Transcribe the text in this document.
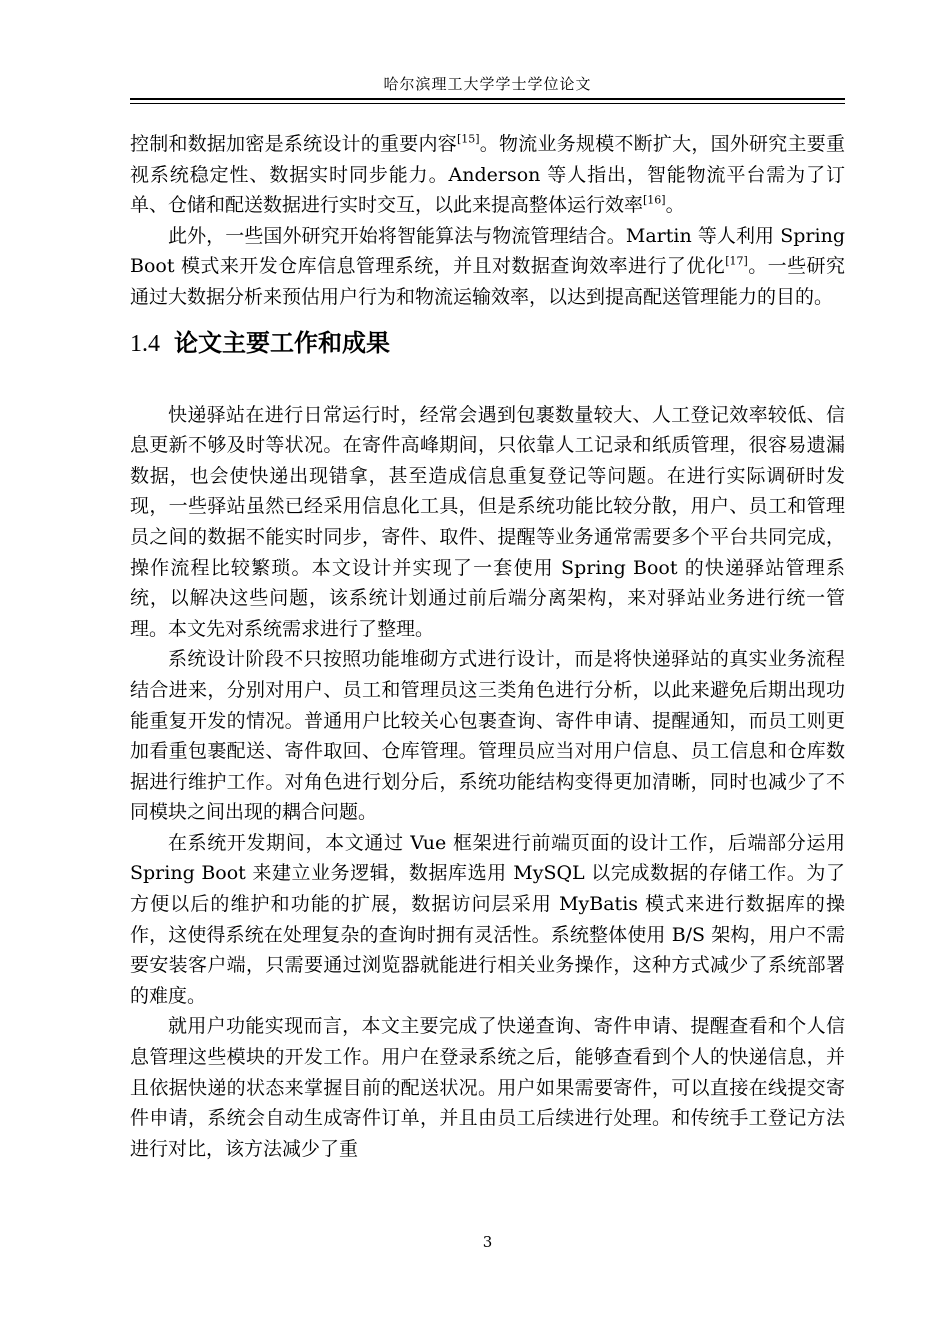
哈尔滨理工大学学士学位论文

控制和数据加密是系统设计的重要内容[15]。物流业务规模不断扩大，国外研究主要重视系统稳定性、数据实时同步能力。Anderson 等人指出，智能物流平台需为了订单、仓储和配送数据进行实时交互，以此来提高整体运行效率[16]。

此外，一些国外研究开始将智能算法与物流管理结合。Martin 等人利用 Spring Boot 模式来开发仓库信息管理系统，并且对数据查询效率进行了优化[17]。一些研究通过大数据分析来预估用户行为和物流运输效率，以达到提高配送管理能力的目的。

1.4 论文主要工作和成果

快递驿站在进行日常运行时，经常会遇到包裹数量较大、人工登记效率较低、信息更新不够及时等状况。在寄件高峰期间，只依靠人工记录和纸质管理，很容易遗漏数据，也会使快递出现错拿，甚至造成信息重复登记等问题。在进行实际调研时发现，一些驿站虽然已经采用信息化工具，但是系统功能比较分散，用户、员工和管理员之间的数据不能实时同步，寄件、取件、提醒等业务通常需要多个平台共同完成，操作流程比较繁琐。本文设计并实现了一套使用 Spring Boot 的快递驿站管理系统，以解决这些问题，该系统计划通过前后端分离架构，来对驿站业务进行统一管理。本文先对系统需求进行了整理。

系统设计阶段不只按照功能堆砌方式进行设计，而是将快递驿站的真实业务流程结合进来，分别对用户、员工和管理员这三类角色进行分析，以此来避免后期出现功能重复开发的情况。普通用户比较关心包裹查询、寄件申请、提醒通知，而员工则更加看重包裹配送、寄件取回、仓库管理。管理员应当对用户信息、员工信息和仓库数据进行维护工作。对角色进行划分后，系统功能结构变得更加清晰，同时也减少了不同模块之间出现的耦合问题。

在系统开发期间，本文通过 Vue 框架进行前端页面的设计工作，后端部分运用 Spring Boot 来建立业务逻辑，数据库选用 MySQL 以完成数据的存储工作。为了方便以后的维护和功能的扩展，数据访问层采用 MyBatis 模式来进行数据库的操作，这使得系统在处理复杂的查询时拥有灵活性。系统整体使用 B/S 架构，用户不需要安装客户端，只需要通过浏览器就能进行相关业务操作，这种方式减少了系统部署的难度。

就用户功能实现而言，本文主要完成了快递查询、寄件申请、提醒查看和个人信息管理这些模块的开发工作。用户在登录系统之后，能够查看到个人的快递信息，并且依据快递的状态来掌握目前的配送状况。用户如果需要寄件，可以直接在线提交寄件申请，系统会自动生成寄件订单，并且由员工后续进行处理。和传统手工登记方法进行对比，该方法减少了重

3
